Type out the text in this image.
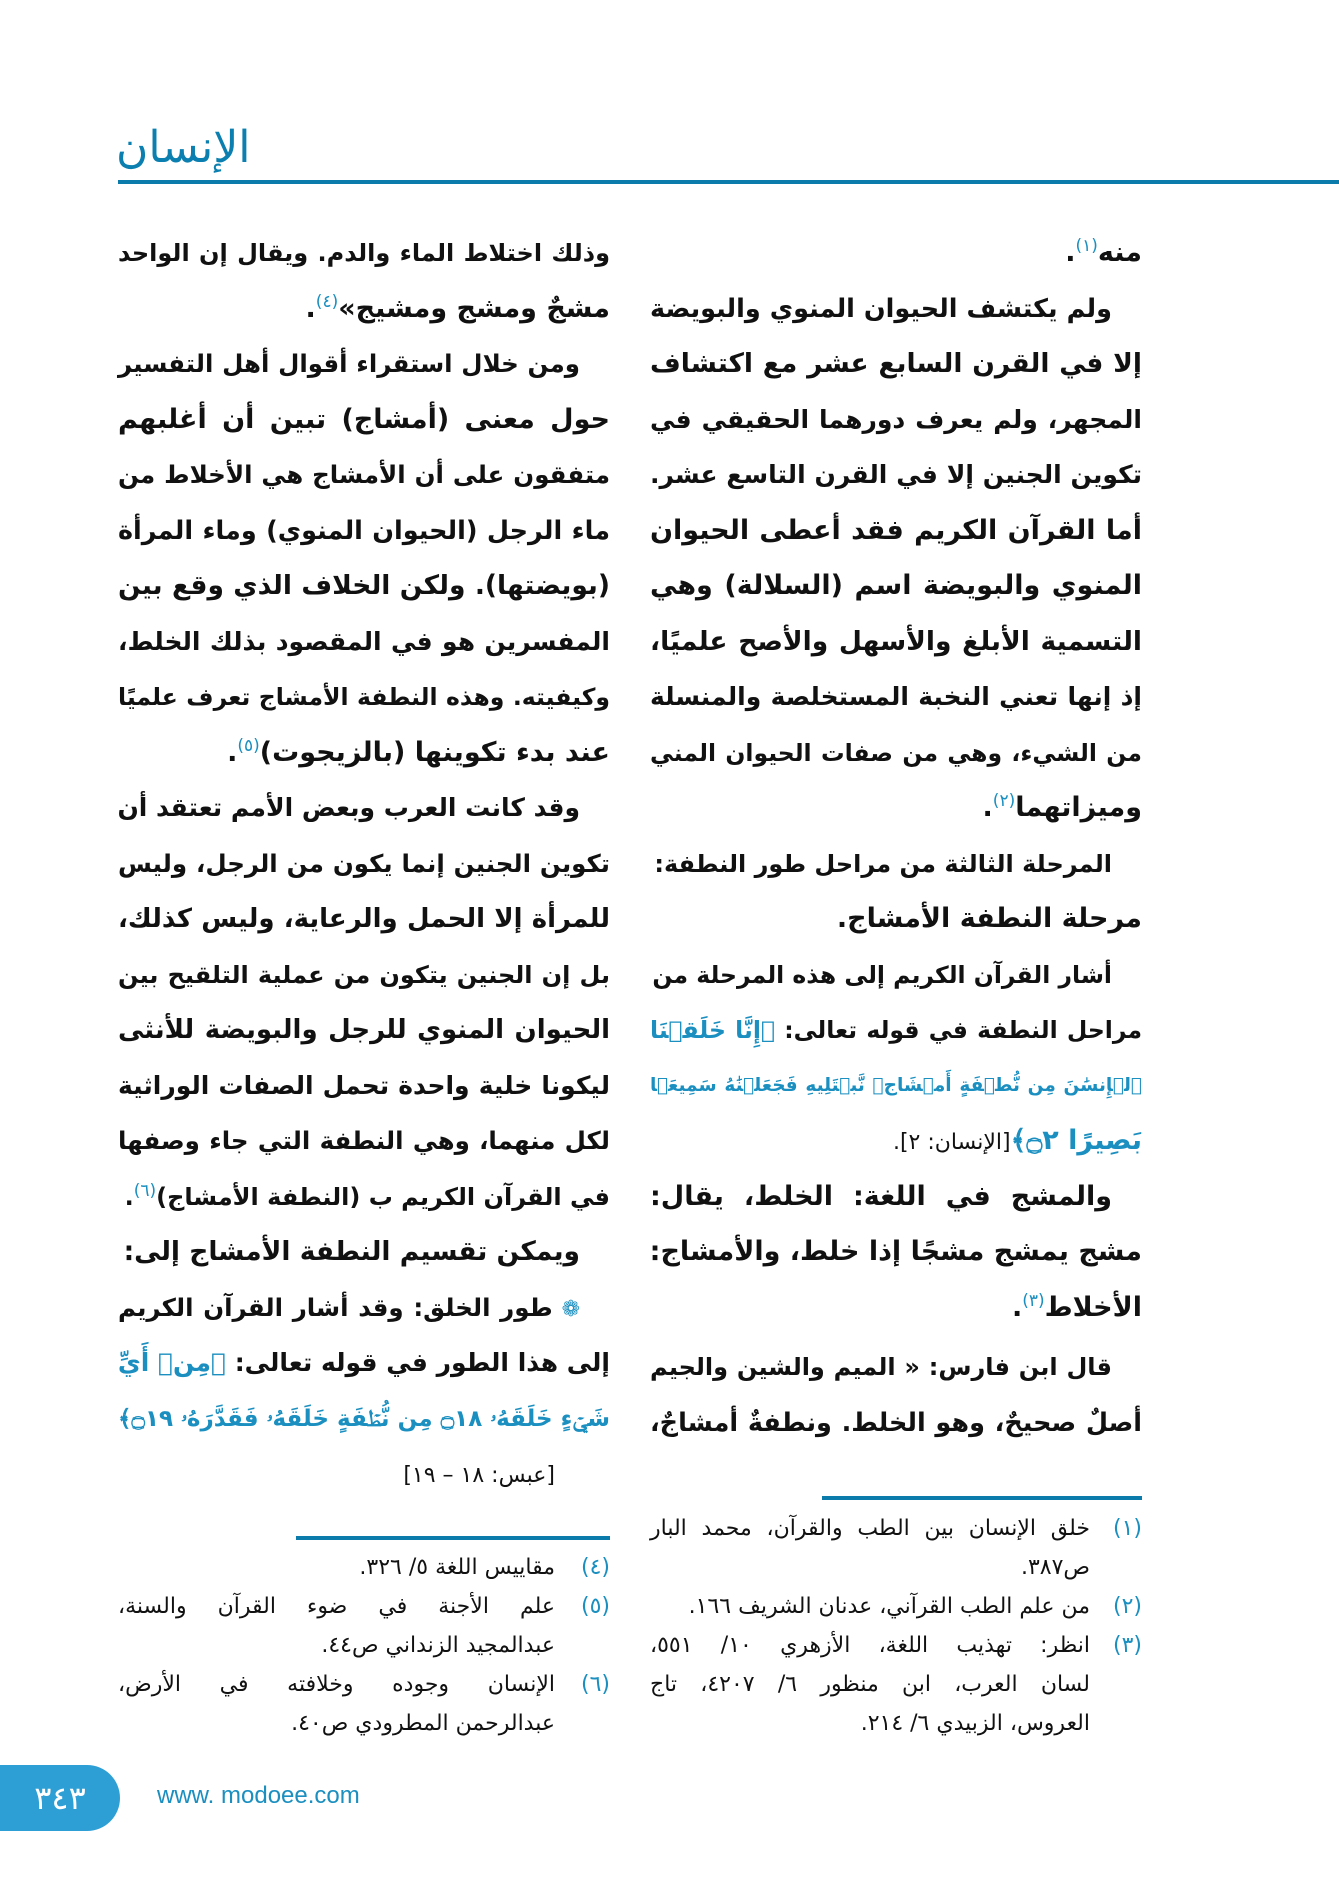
الإنسان
منه$^{(١)}$.
ولم يكتشف الحيوان المنوي والبويضة
إلا في القرن السابع عشر مع اكتشاف
المجهر، ولم يعرف دورهما الحقيقي في
تكوين الجنين إلا في القرن التاسع عشر.
أما القرآن الكريم فقد أعطى الحيوان
المنوي والبويضة اسم (السلالة) وهي
التسمية الأبلغ والأسهل والأصح علميًا،
إذ إنها تعني النخبة المستخلصة والمنسلة
من الشيء، وهي من صفات الحيوان المني
وميزاتهما$^{(٢)}$.
المرحلة الثالثة من مراحل طور النطفة:
مرحلة النطفة الأمشاج.
أشار القرآن الكريم إلى هذه المرحلة من
مراحل النطفة في قوله تعالى: ﴿إِنَّا خَلَقۡنَا
ٱلۡإِنسَٰنَ مِن نُّطۡفَةٍ أَمۡشَاجٖ نَّبۡتَلِيهِ فَجَعَلۡنَٰهُ سَمِيعَۢا
بَصِيرًا ۝٢﴾[الإنسان: ٢].
والمشج في اللغة: الخلط، يقال:
مشج يمشج مشجًا إذا خلط، والأمشاج:
الأخلاط$^{(٣)}$.
قال ابن فارس: « الميم والشين والجيم
أصلٌ صحيحٌ، وهو الخلط. ونطفةٌ أمشاجٌ،
وذلك اختلاط الماء والدم. ويقال إن الواحد
مشجٌ ومشج ومشيج»$^{(٤)}$.
ومن خلال استقراء أقوال أهل التفسير
حول معنى (أمشاج) تبين أن أغلبهم
متفقون على أن الأمشاج هي الأخلاط من
ماء الرجل (الحيوان المنوي) وماء المرأة
(بويضتها). ولكن الخلاف الذي وقع بين
المفسرين هو في المقصود بذلك الخلط،
وكيفيته. وهذه النطفة الأمشاج تعرف علميًا
عند بدء تكوينها (بالزيجوت)$^{(٥)}$.
وقد كانت العرب وبعض الأمم تعتقد أن
تكوين الجنين إنما يكون من الرجل، وليس
للمرأة إلا الحمل والرعاية، وليس كذلك،
بل إن الجنين يتكون من عملية التلقيح بين
الحيوان المنوي للرجل والبويضة للأنثى
ليكونا خلية واحدة تحمل الصفات الوراثية
لكل منهما، وهي النطفة التي جاء وصفها
في القرآن الكريم ب (النطفة الأمشاج)$^{(٦)}$.
ويمكن تقسيم النطفة الأمشاج إلى:
❁ طور الخلق: وقد أشار القرآن الكريم
إلى هذا الطور في قوله تعالى: ﴿مِنۡ أَيِّ
شَيۡءٍ خَلَقَهُۥ ۝١٨ مِن نُّطۡفَةٍ خَلَقَهُۥ فَقَدَّرَهُۥ ۝١٩﴾
[عبس: ١٨ – ١٩]
(١)
خلق الإنسان بين الطب والقرآن، محمد البار
ص٣٨٧.
(٢)
من علم الطب القرآني، عدنان الشريف ١٦٦.
(٣)
انظر: تهذيب اللغة، الأزهري ١٠/ ٥٥١،
لسان العرب، ابن منظور ٦/ ٤٢٠٧، تاج
العروس، الزبيدي ٦/ ٢١٤.
(٤)
مقاييس اللغة ٥/ ٣٢٦.
(٥)
علم الأجنة في ضوء القرآن والسنة،
عبدالمجيد الزنداني ص٤٤.
(٦)
الإنسان وجوده وخلافته في الأرض،
عبدالرحمن المطرودي ص٤٠.
٣٤٣	www. modoee.com
